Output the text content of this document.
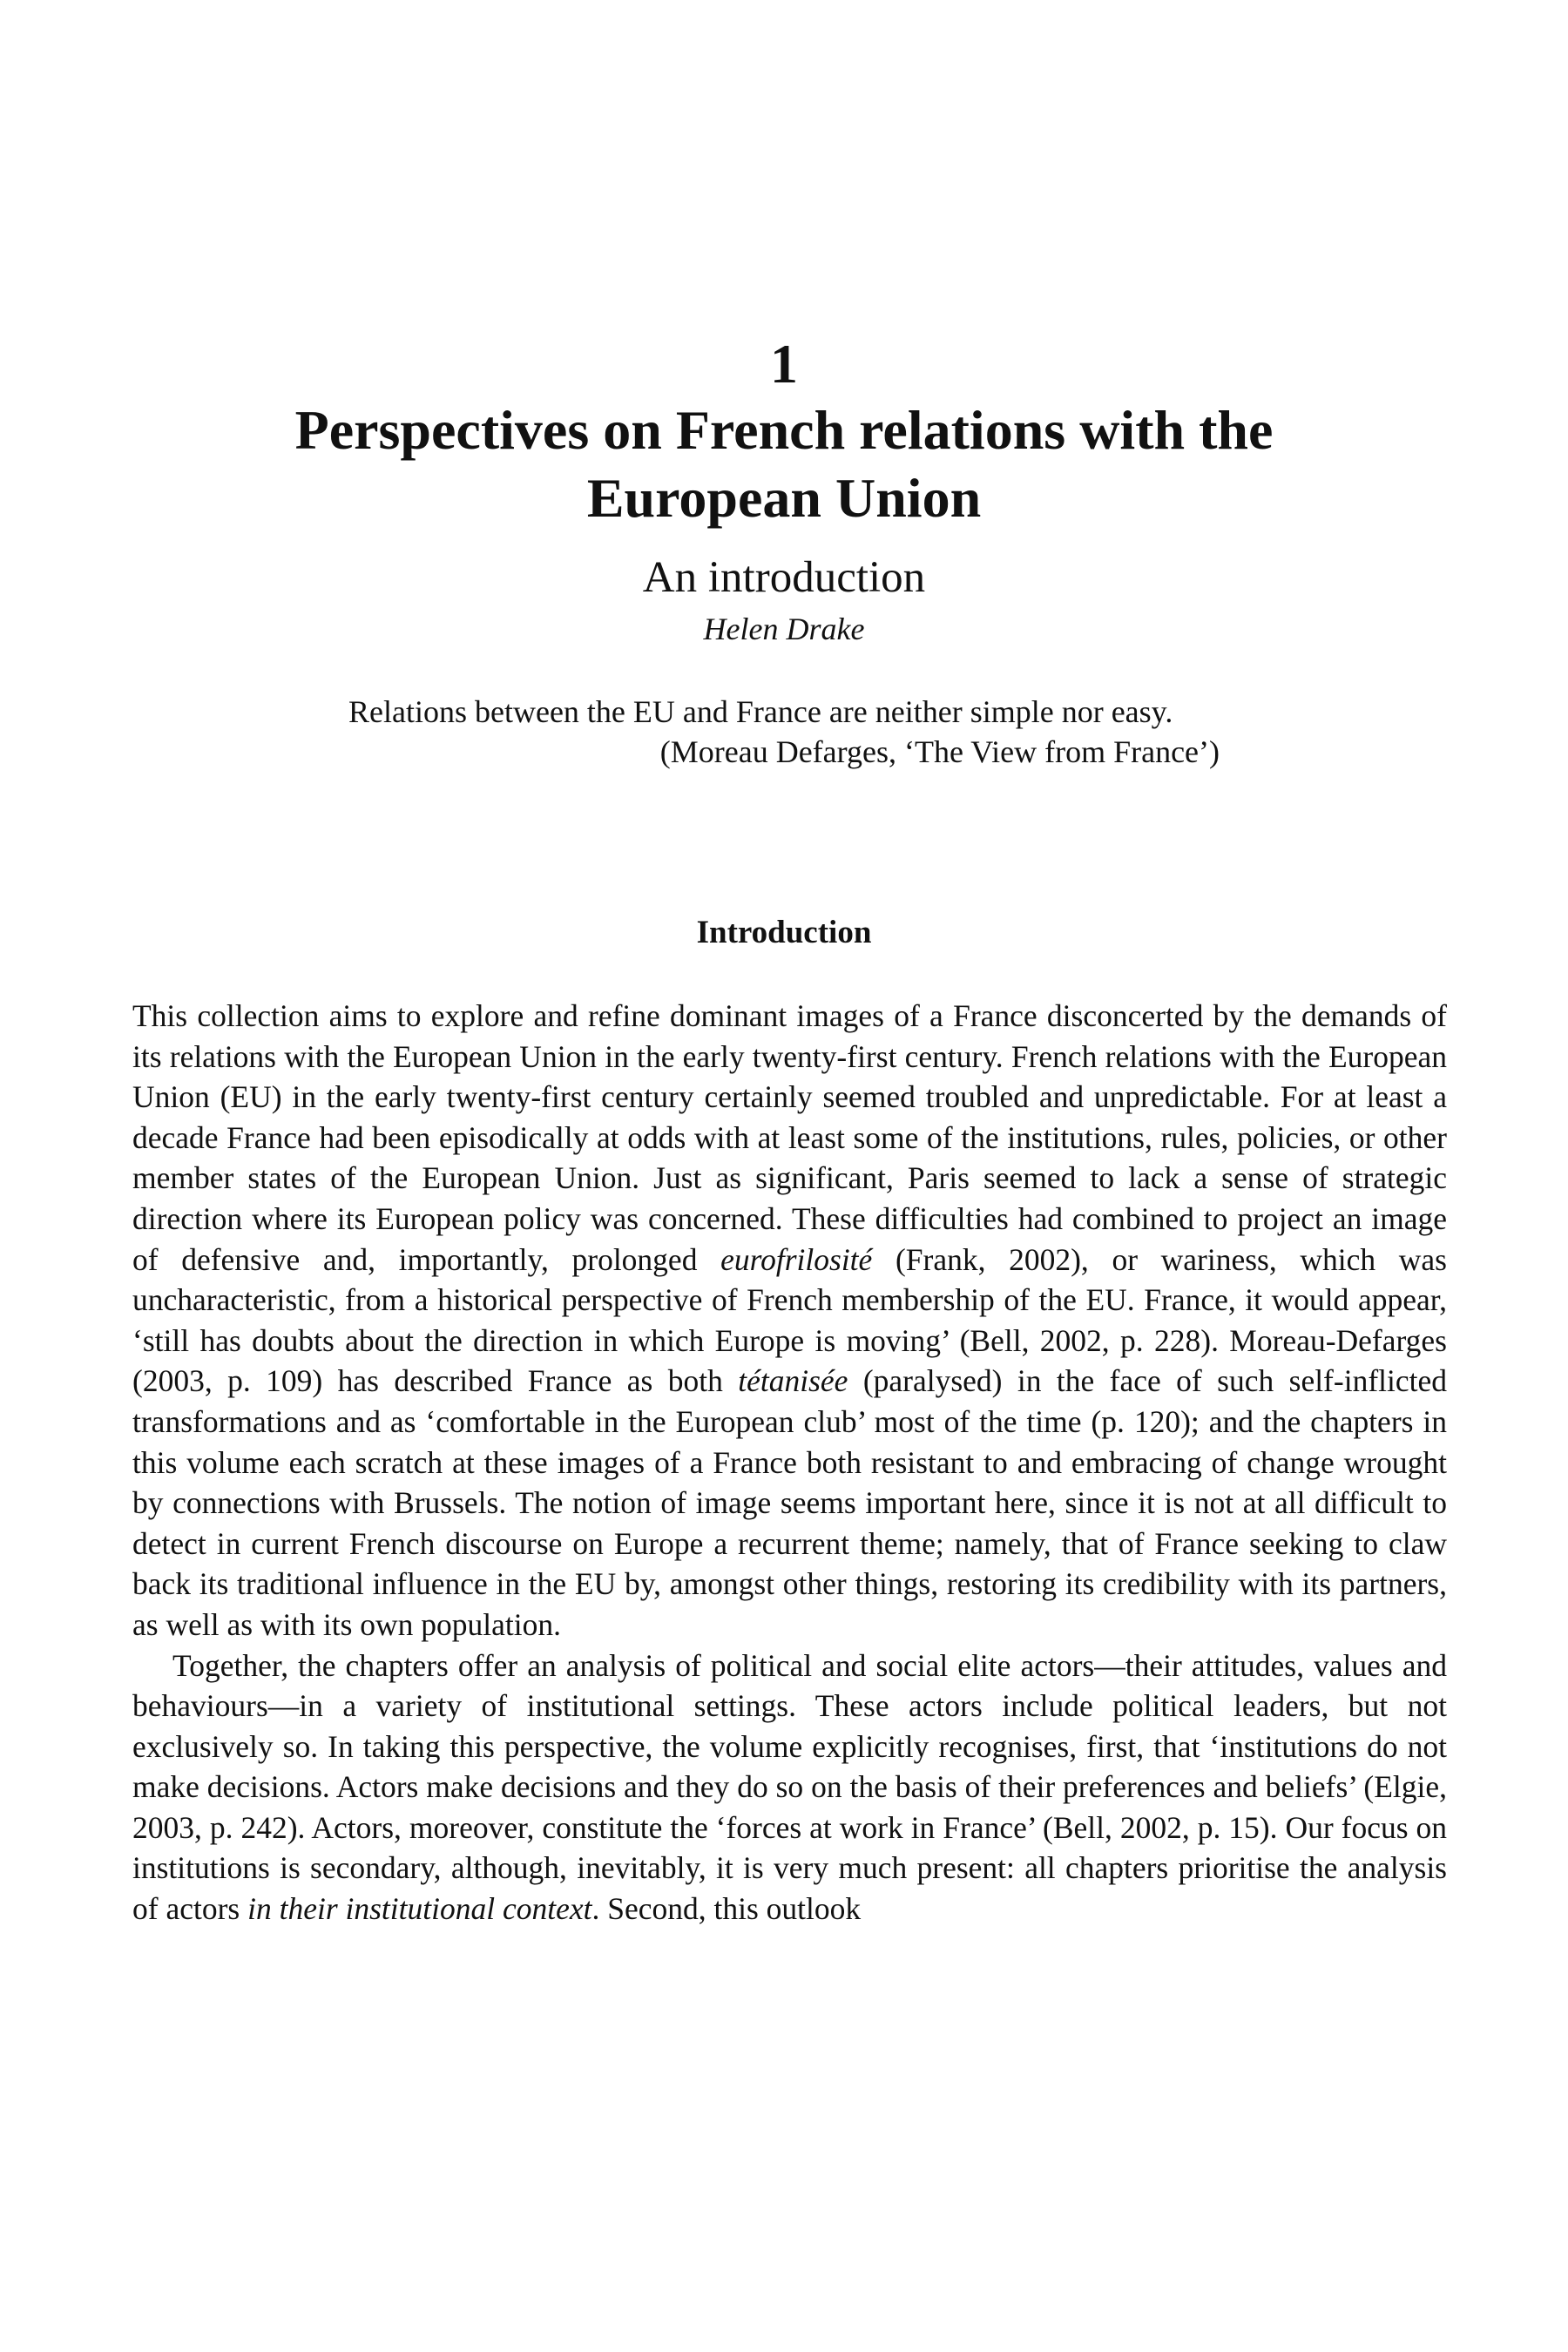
1
Perspectives on French relations with the European Union
An introduction
Helen Drake
Relations between the EU and France are neither simple nor easy.
(Moreau Defarges, ‘The View from France’)
Introduction

This collection aims to explore and refine dominant images of a France disconcerted by the demands of its relations with the European Union in the early twenty-first century. French relations with the European Union (EU) in the early twenty-first century certainly seemed troubled and unpredictable. For at least a decade France had been episodically at odds with at least some of the institutions, rules, policies, or other member states of the European Union. Just as significant, Paris seemed to lack a sense of strategic direction where its European policy was concerned. These difficulties had combined to project an image of defensive and, importantly, prolonged eurofrilosité (Frank, 2002), or wariness, which was uncharacteristic, from a historical perspective of French membership of the EU. France, it would appear, ‘still has doubts about the direction in which Europe is moving’ (Bell, 2002, p. 228). Moreau-Defarges (2003, p. 109) has described France as both tétanisée (paralysed) in the face of such self-inflicted transformations and as ‘comfortable in the European club’ most of the time (p. 120); and the chapters in this volume each scratch at these images of a France both resistant to and embracing of change wrought by connections with Brussels. The notion of image seems important here, since it is not at all difficult to detect in current French discourse on Europe a recurrent theme; namely, that of France seeking to claw back its traditional influence in the EU by, amongst other things, restoring its credibility with its partners, as well as with its own population.

Together, the chapters offer an analysis of political and social elite actors—their attitudes, values and behaviours—in a variety of institutional settings. These actors include political leaders, but not exclusively so. In taking this perspective, the volume explicitly recognises, first, that ‘institutions do not make decisions. Actors make decisions and they do so on the basis of their preferences and beliefs’ (Elgie, 2003, p. 242). Actors, moreover, constitute the ‘forces at work in France’ (Bell, 2002, p. 15). Our focus on institutions is secondary, although, inevitably, it is very much present: all chapters prioritise the analysis of actors in their institutional context. Second, this outlook
